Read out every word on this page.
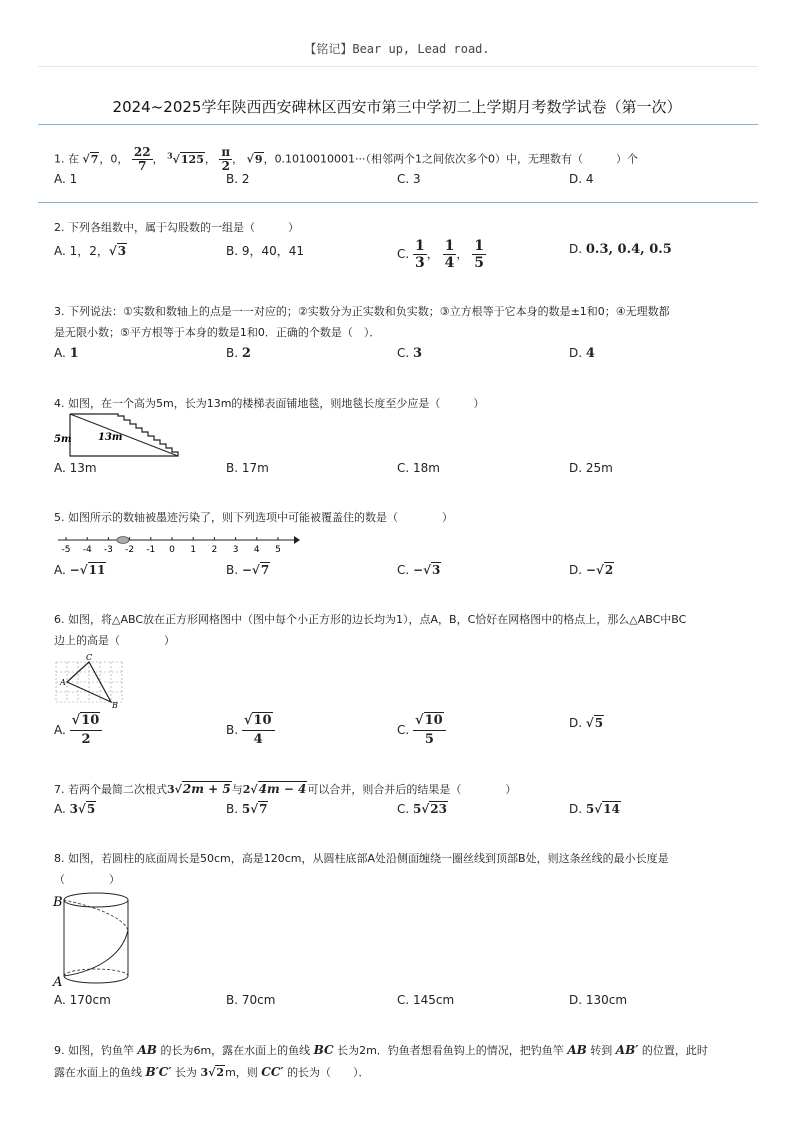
【铭记】Bear up, Lead road.
2024~2025学年陕西西安碑林区西安市第三中学初二上学期月考数学试卷（第一次）
1. 在 √7，0， $\frac{22}{7}$ ， $^3$√125， $\frac{\pi}{2}$ ， √9，0.1010010001···（相邻两个1之间依次多个0）中，无理数有（　　　）个
A. 1	B. 2	C. 3	D. 4
2. 下列各组数中，属于勾股数的一组是（　　　）
A. 1，2，√3	B. 9，40，41	C. $\frac{1}{3}$ ， $\frac{1}{4}$ ， $\frac{1}{5}$	D. 0.3, 0.4, 0.5
3. 下列说法：①实数和数轴上的点是一一对应的；②实数分为正实数和负实数；③立方根等于它本身的数是±1和0；④无理数都
是无限小数；⑤平方根等于本身的数是1和0．正确的个数是（　）．
A. 1	B. 2	C. 3	D. 4
4. 如图，在一个高为5m，长为13m的楼梯表面铺地毯，则地毯长度至少应是（　　　）
5m	13m
A. 13m	B. 17m	C. 18m	D. 25m
5. 如图所示的数轴被墨迹污染了，则下列选项中可能被覆盖住的数是（　　　　）
-5 -4 -3 -2 -1 0 1 2 3 4 5
A. −√11	B. −√7	C. −√3	D. −√2
6. 如图，将△ABC放在正方形网格图中（图中每个小正方形的边长均为1），点A，B，C恰好在网格图中的格点上，那么△ABC中BC
边上的高是（　　　　）
C
A
B
A. $\frac{√10}{2}$	B. $\frac{√10}{4}$	C. $\frac{√10}{5}$	D. √5
7. 若两个最简二次根式3√2m + 5与2√4m − 4可以合并，则合并后的结果是（　　　　）
A. 3√5	B. 5√7	C. 5√23	D. 5√14
8. 如图，若圆柱的底面周长是50cm，高是120cm，从圆柱底部A处沿侧面缠绕一圈丝线到顶部B处，则这条丝线的最小长度是
（　　　　）
B
A
A. 170cm	B. 70cm	C. 145cm	D. 130cm
9. 如图，钓鱼竿 AB 的长为6m，露在水面上的鱼线 BC 长为2m．钓鱼者想看鱼钩上的情况，把钓鱼竿 AB 转到 AB′ 的位置，此时
露在水面上的鱼线 B′C′ 长为 3√2m，则 CC′ 的长为（　　）．
